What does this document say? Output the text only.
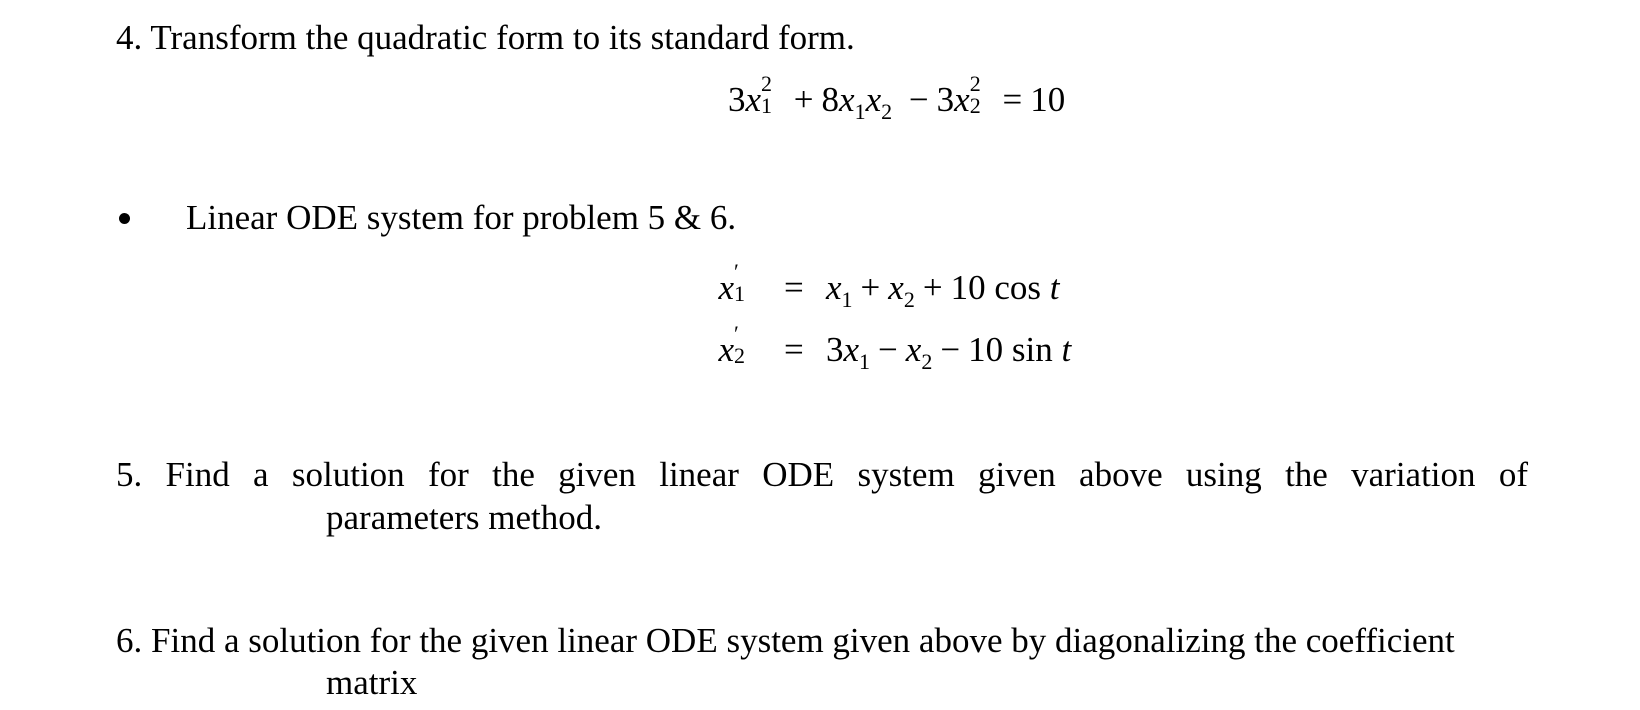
4. Transform the quadratic form to its standard form.
3x 2
$1 + 8x_1x_2 - 3x$ 2
2 = 10
Linear ODE system for problem 5 & 6.
x ′
$1 = x_1 + x_2 + 10$ cos t
x ′
$2 = 3x_1 - x_2 - 10$ sin t
5. Find a solution for the given linear ODE system given above using the variation of
parameters method.
6. Find a solution for the given linear ODE system given above by diagonalizing the coefficient
matrix
